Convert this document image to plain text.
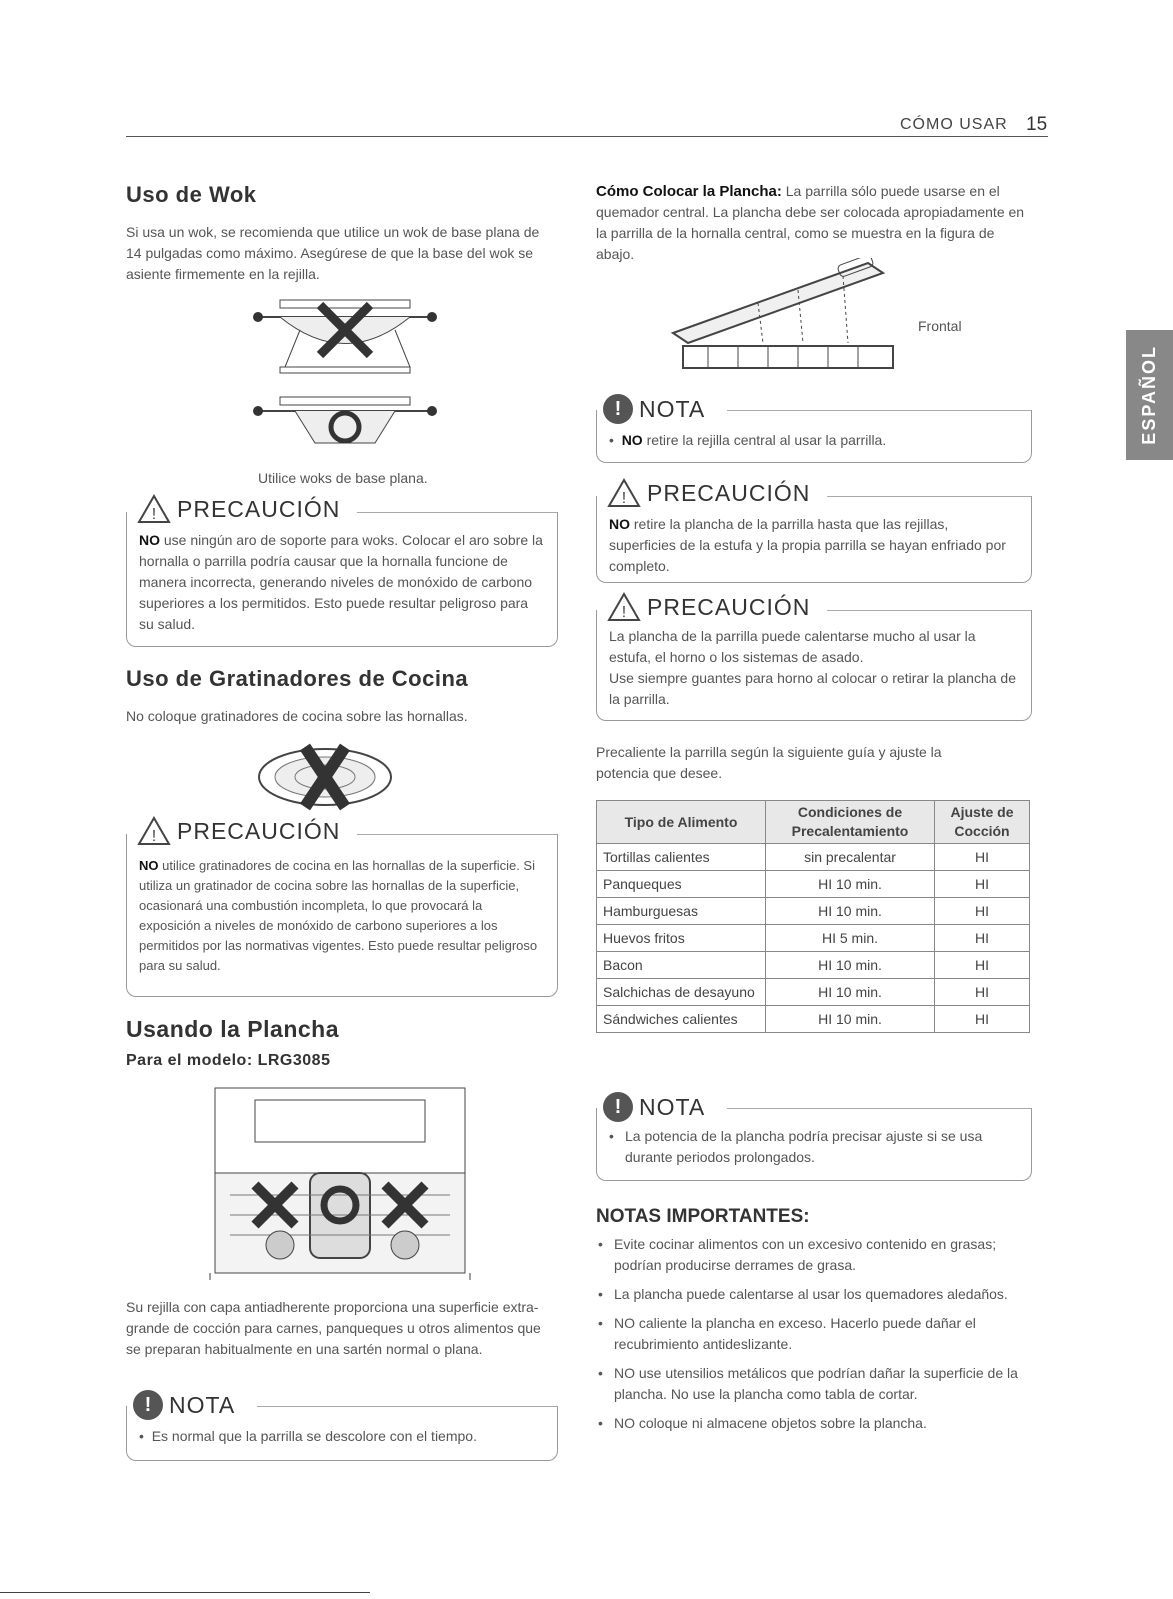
CÓMO USAR 15
ESPAÑOL
Uso de Wok
Si usa un wok, se recomienda que utilice un wok de base plana de 14 pulgadas como máximo. Asegúrese de que la base del wok se asiente firmemente en la rejilla.
Utilice woks de base plana.
! PRECAUCIÓN
NO use ningún aro de soporte para woks. Colocar el aro sobre la hornalla o parrilla podría causar que la hornalla funcione de manera incorrecta, generando niveles de monóxido de carbono superiores a los permitidos. Esto puede resultar peligroso para su salud.
Uso de Gratinadores de Cocina
No coloque gratinadores de cocina sobre las hornallas.
! PRECAUCIÓN
NO utilice gratinadores de cocina en las hornallas de la superficie. Si utiliza un gratinador de cocina sobre las hornallas de la superficie, ocasionará una combustión incompleta, lo que provocará la exposición a niveles de monóxido de carbono superiores a los permitidos por las normativas vigentes. Esto puede resultar peligroso para su salud.
Usando la Plancha
Para el modelo: LRG3085
Su rejilla con capa antiadherente proporciona una superficie extra-grande de cocción para carnes, panqueques u otros alimentos que se preparan habitualmente en una sartén normal o plana.
! NOTA
•  Es normal que la parrilla se descolore con el tiempo.
Cómo Colocar la Plancha: La parrilla sólo puede usarse en el quemador central. La plancha debe ser colocada apropiadamente en la parrilla de la hornalla central, como se muestra en la figura de abajo.
Frontal
! NOTA
•  NO retire la rejilla central al usar la parrilla.
! PRECAUCIÓN
NO retire la plancha de la parrilla hasta que las rejillas, superficies de la estufa y la propia parrilla se hayan enfriado por completo.
! PRECAUCIÓN
La plancha de la parrilla puede calentarse mucho al usar la estufa, el horno o los sistemas de asado.
Use siempre guantes para horno al colocar o retirar la plancha de la parrilla.
Precaliente la parrilla según la siguiente guía y ajuste la potencia que desee.
Tipo de Alimento	Condiciones de Precalentamiento	Ajuste de Cocción
Tortillas calientes	sin precalentar	HI
Panqueques	HI 10 min.	HI
Hamburguesas	HI 10 min.	HI
Huevos fritos	HI 5 min.	HI
Bacon	HI 10 min.	HI
Salchichas de desayuno	HI 10 min.	HI
Sándwiches calientes	HI 10 min.	HI
! NOTA
• La potencia de la plancha podría precisar ajuste si se usa durante periodos prolongados.
NOTAS IMPORTANTES:
• Evite cocinar alimentos con un excesivo contenido en grasas; podrían producirse derrames de grasa.
• La plancha puede calentarse al usar los quemadores aledaños.
• NO caliente la plancha en exceso. Hacerlo puede dañar el recubrimiento antideslizante.
• NO use utensilios metálicos que podrían dañar la superficie de la plancha. No use la plancha como tabla de cortar.
• NO coloque ni almacene objetos sobre la plancha.
